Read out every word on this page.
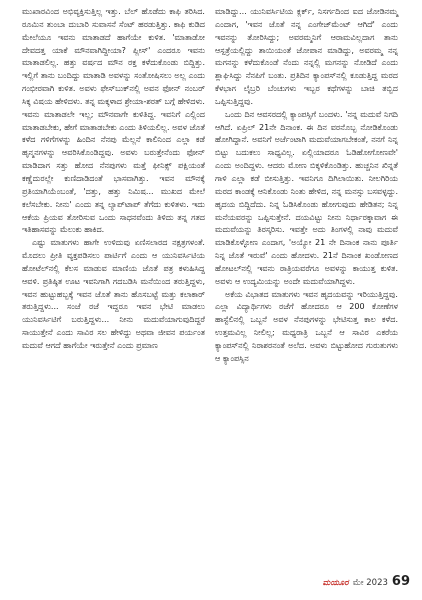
ಮುಖಾರವಿಂದ ಅಭಿವ್ಯಕ್ತಿಸುತ್ತಿಲ್ಲ ಇತ್ತು. ಬೆಲ್ ಹೊಡೆದು ಕಾಫಿ ತರಿಸಿದ. ರೂಮಿನ ತುಂಬಾ ದುಬಾರಿ ಸುವಾಸನೆ ಸೆಂಟ್ ಹರಡುತ್ತಿತ್ತು. ಕಾಫಿ ಕುಡಿದ ಮೇಲೆಯೂ ಇವನು ಮಾತಾಡದೆ ಹಾಗೆಯೇ ಕುಳಿತ. 'ಮಾತಾಡೋ ದೇವದತ್ತ ಯಾಕೆ ಮೌನವಾಗಿದ್ದೀಯಾ? ಪ್ಲೀಸ್' ಎಂದರೂ ಇವನು ಮಾತಾಡಲಿಲ್ಲ. ಹತ್ತು ವರ್ಷದ ಮೌನ ರಕ್ತ ಕಳೆದುಕೊಂಡು ಬಿದ್ದಿತ್ತು. ಇಲ್ಲಿಗೆ ತಾನು ಬಂದಿದ್ದು ಮಾತಾಡಿ ಅವಳನ್ನು ಸಂತೋಷಿಸಲು ಅಲ್ಲ ಎಂದು ಗಂಭೀರವಾಗಿ ಕುಳಿತ. ಅವಳು ಫೇಸ್‌ಬುಕ್‌ನಲ್ಲಿ ಅವನ ಫೋನ್ ನಂಬರ್ ಸಿಕ್ಕ ವಿಷಯ ಹೇಳಿದಳು. ತನ್ನ ಮಕ್ಕಳಾದ ಶ್ರೇಯಾ-ಶರತ್ ಬಗ್ಗೆ ಹೇಳಿದಳು. ಇವನು ಮಾತಾಡಲೇ ಇಲ್ಲ; ಮೌನವಾಗೇ ಕುಳಿತಿದ್ದ. ಇವನಿಗೆ ಎಲ್ಲಿಂದ ಮಾತಾಡಬೇಕು, ಹೇಗೆ ಮಾತಾಡಬೇಕು ಎಂದು ತಿಳಿಯಲಿಲ್ಲ. ಅವಳ ಜೊತೆ ಕಳೆದ ಗಳಿಗೆಗಳನ್ನು ಹಿಂದಿನ ನೆನಪು ಮೆಲ್ಲನೆ ಕಾಲಿನಿಂದ ಎಲ್ಲಾ ಕಡೆ ಹೃನ್ಮನಗಳನ್ನು ಆವರಿಸಿಕೊಂಡಿದ್ದವು. ಅವಳು ಬರುತ್ತೇನೆಂದು ಫೋನ್ ಮಾಡಿದಾಗ ಸತ್ತು ಹೋದ ನೆನಪುಗಳು ಮತ್ತೆ ಫೀನಿಕ್ಸ್ ಪಕ್ಷಿಯಂತೆ ಕಣ್ಣೆದುರಲ್ಲೇ ಕುಣಿದಾಡಿದಂತೆ ಭಾಸವಾಗಿತ್ತು. ಇವನ ಮೌನಕ್ಕೆ ಪ್ರತಿಯಾಗಿಯೆಂಬಂತೆ, 'ದತ್ತು, ಹತ್ತು ನಿಮಿಷ... ಮುಖದ ಮೇಲೆ ಕಲೆಸಬೇಕು. ನೀನು' ಎಂದು ತನ್ನ ಲ್ಯಾಪ್‌ಟಾಪ್ ತೆಗೆದು ಕುಳಿತಳು. ಇದು ಆಕೆಯ ಪ್ರಿಯವ ತೋರಿಸುವ ಒಂದು ಸಾಧನವೆಂದು ತಿಳಿದು ತನ್ನ ಗತದ ಇತಿಹಾಸವನ್ನು ಮೆಲುಕು ಹಾಕಿದ.

ಎಷ್ಟು ಮಾತುಗಳು ಹಾಗೇ ಉಳಿದುವು ಏಣಿಸಲಾರದ ನಕ್ಷತ್ರಗಳಂತೆ. ಮೊದಲು ಪ್ರೀತಿ ವ್ಯಕ್ತಪಡಿಸಲು ಪಾರ್ಟಿಗೆ ಎಂದು ಆ ಯುನಿವರ್ಸಿಟಿಯ ಹೋಟೆಲ್‌ನಲ್ಲಿ ಕೆಲಸ ಮಾಡುವ ಮಾಣಿಯ ಜೊತೆ ಪತ್ರ ಕಳುಹಿಸಿದ್ದ ಆವಳಿ. ಪ್ರತಿಷ್ಠಿತ ಊಟ ಇವನಿಗಾಗಿ ಗದಬಡಿಸಿ ಮನೆಯಿಂದ ತರುತ್ತಿದ್ದಳು, ಇವನ ಹುಟ್ಟುಹಬ್ಬಕ್ಕೆ ಇವನ ಜೊತೆ ತಾನು ಹೊಸಬಟ್ಟೆ ಮತ್ತು ಕಲಾಕಾರ್ ತರುತ್ತಿದ್ದಳು... ಸಂಜೆ ರಜೆ ಇದ್ದರೂ ಇವನ ಭೇಟಿ ಮಾಡಲು ಯುನಿವರ್ಸಿಟಿಗೆ ಬರುತ್ತಿದ್ದಳು... ನೀನು ಮದುವೆಯಾಗುವುದಿದ್ದರೆ ಸಾಯುತ್ತೇನೆ ಎಂದು ಸಾವಿರ ಸಲ ಹೇಳಿದ್ದು ಅಥವಾ ಜೀವನ ಪರ್ಯಂತ ಮದುವೆ ಆಗದೆ ಹಾಗೆಯೇ ಇರುತ್ತೇನೆ ಎಂದು ಪ್ರಮಾಣ

ಮಾಡಿದ್ದು... ಯುನಿವರ್ಸಿಟಿಯ ಕ್ಲರ್ಕ್, ನಿಸರ್ಗದಿಂದ ಐದ ಜೋಡಿನಮ್ಮ ಎಂದಾಗ, 'ಇವನ ಜೊತೆ ನನ್ನ ಎಂಗೇಜ್‌ಮೆಂಟ್ ಆಗಿದೆ' ಎಂದು ಇವನನ್ನು ತೋರಿಸಿದ್ದು; ಅವರಮ್ಮನಿಗೆ ಆರಾಮವಿಲ್ಲದಾಗ ತಾನು ಆಸ್ಪತ್ರೆಯಲ್ಲಿದ್ದು ತಾಯಿಯಂತೆ ಜೋಪಾನ ಮಾಡಿದ್ದು, ಅವರಮ್ಮ ನನ್ನ ಮಗನನ್ನು ಕಳೆದುಕೊಂಡೆ ನೆಂದು ನನ್ನಲ್ಲಿ ಮಗನನ್ನು ನೋಡಿದೆ ಎಂದು ಶ್ಲಾಘಿಸಿದ್ದು ನೆನಪಿಗೆ ಬಂತು. ಪ್ರತಿದಿನ ಕ್ಯಾಂಪಸ್‌ನಲ್ಲಿ ಕೂಡುತ್ತಿದ್ದ ಮರದ ಕೆಳಭಾಗ ಲೈಬ್ರರಿ ಬೆಂಚುಗಳು ಇಬ್ಬರ ಕಥೆಗಳನ್ನು ಬಾಚಿ ತಬ್ಬಿದ ಒಪ್ಪಿಸುತ್ತಿದ್ದವು.

ಒಂದು ದಿನ ಆವಸರದಲ್ಲಿ ಕ್ಯಾಂಪಸ್ಸಿಗೆ ಬಂದಳು. 'ನನ್ನ ಮದುವೆ ನಿಗದಿ ಆಗಿದೆ. ಏಪ್ರಿಲ್ 21ನೇ ದಿನಾಂಕ. ಈ ದಿನ ವರನೊಬ್ಬ ನೋಡಿಕೊಂಡು ಹೋಗಿದ್ದಾನೆ. ಅವನಿಗೆ ಅರ್ಜೆಂಟಾಗಿ ಮದುವೆಯಾಗಬೇಕಂತೆ, ನನಗೆ ನಿನ್ನ ಬಿಟ್ಟು ಬದುಕಲು ಸಾಧ್ಯವಿಲ್ಲ. ಏಲ್ಲಿಯಾದರೂ ಓಡಿಹೋಗೋಣವೇ' ಎಂದು ಅಂದಿದ್ದಳು. ಆದರು ಮೋಣ ಬಿಕ್ಕಳಿಕೊಂಡಿತ್ತು. ಹುಚ್ಚನಿನ ಖಿನ್ನತೆ ಗಾಳಿ ಎಲ್ಲಾ ಕಡೆ ಬೀಸುತ್ತಿತ್ತು. ಇವನಿಗೂ ದಿಗಿಲಾಯಿತು. ನೀಲಗಿರಿಯ ಮರದ ಕಾಂಡಕ್ಕೆ ಆನಿಕೊಂಡು ನಿಂತು ಹೇಳಿದ, ನನ್ನ ಮನಸ್ಸು ಬಸವಳ್ಳದ್ದು. ಹೃದಯ ಬಿದ್ದಿದೆದು. ನಿನ್ನ ಓಡಿಸಿಕೊಂಡು ಹೋಗುವುದು ಹೇಡಿತನ; ನಿನ್ನ ಮನೆಯವರನ್ನು ಒಪ್ಪಿಸುತ್ತೇನೆ. ದಯವಿಟ್ಟು ನೀನು ನಿರ್ಧಾರಕ್ಕಾವಾಗ ಈ ಮದುವೆಯನ್ನು ತಿರಸ್ಕರಿಸು. ಇವತ್ತೇ ಅದು ತಿಂಗಳಲ್ಲಿ ನಾವು ಮದುವೆ ಮಾಡಿಕೊಳ್ಳೋಣ ಎಂದಾಗ, 'ಅಯ್ಯೋ 21 ನೇ ದಿನಾಂಕ ನಾನು ಪೂರ್ತಿ ನಿನ್ನ ಜೊತೆ ಇರುವೆ' ಎಂದು ಹೋದಳು. 21ನೆ ದಿನಾಂಕ ಖಂಡೋಣದ ಹೋಟಲ್‌ನಲ್ಲಿ ಇವನು ರಾತ್ರಿಯವರೆಗೂ ಅವಳನ್ನು ಕಾಯುತ್ತ ಕುಳಿತ. ಅವಳು ಆ ಉದ್ಯಮಿಯನ್ನು ಅಂದೇ ಮದುವೆಯಾಗಿದ್ದಳು.

ಅಕೆಯ ವಿಭಾತದ ಮಾತುಗಳು ಇವನ ಹೃದಯವನ್ನು ಇರಿಯುತ್ತಿದ್ದವು. ಎಲ್ಲಾ ವಿದ್ಯಾರ್ಥಿಗಳು ರಜೆಗೆ ಹೋದರೂ ಆ 200 ಕೋಣೆಗಳ ಹಾಸ್ಟೆಲಿನಲ್ಲಿ ಒಬ್ಬನೆ ಅವಳ ನೆನಪುಗಳನ್ನು ಭೇಟಿಸುತ್ತ ಕಾಲ ಕಳೆದ. ಉತ್ತಮವಿಲ್ಲ ನೀಲಿಲ್ಲ; ಮಧ್ಯರಾತ್ರಿ ಒಬ್ಬನೆ ಆ ಸಾವಿರ ಎಕರೆಯ ಕ್ಯಾಂಪಸ್‌ನಲ್ಲಿ ನಿರಾಶರನಂತೆ ಅಲೆದ. ಅವಳು ಬಿಟ್ಟುಹೋದ ಗುರುತುಗಳು ಆ ಕ್ಯಾಂಪಸ್ಸಿನ

ಮಯೂರ ಮೇ 2023 69
